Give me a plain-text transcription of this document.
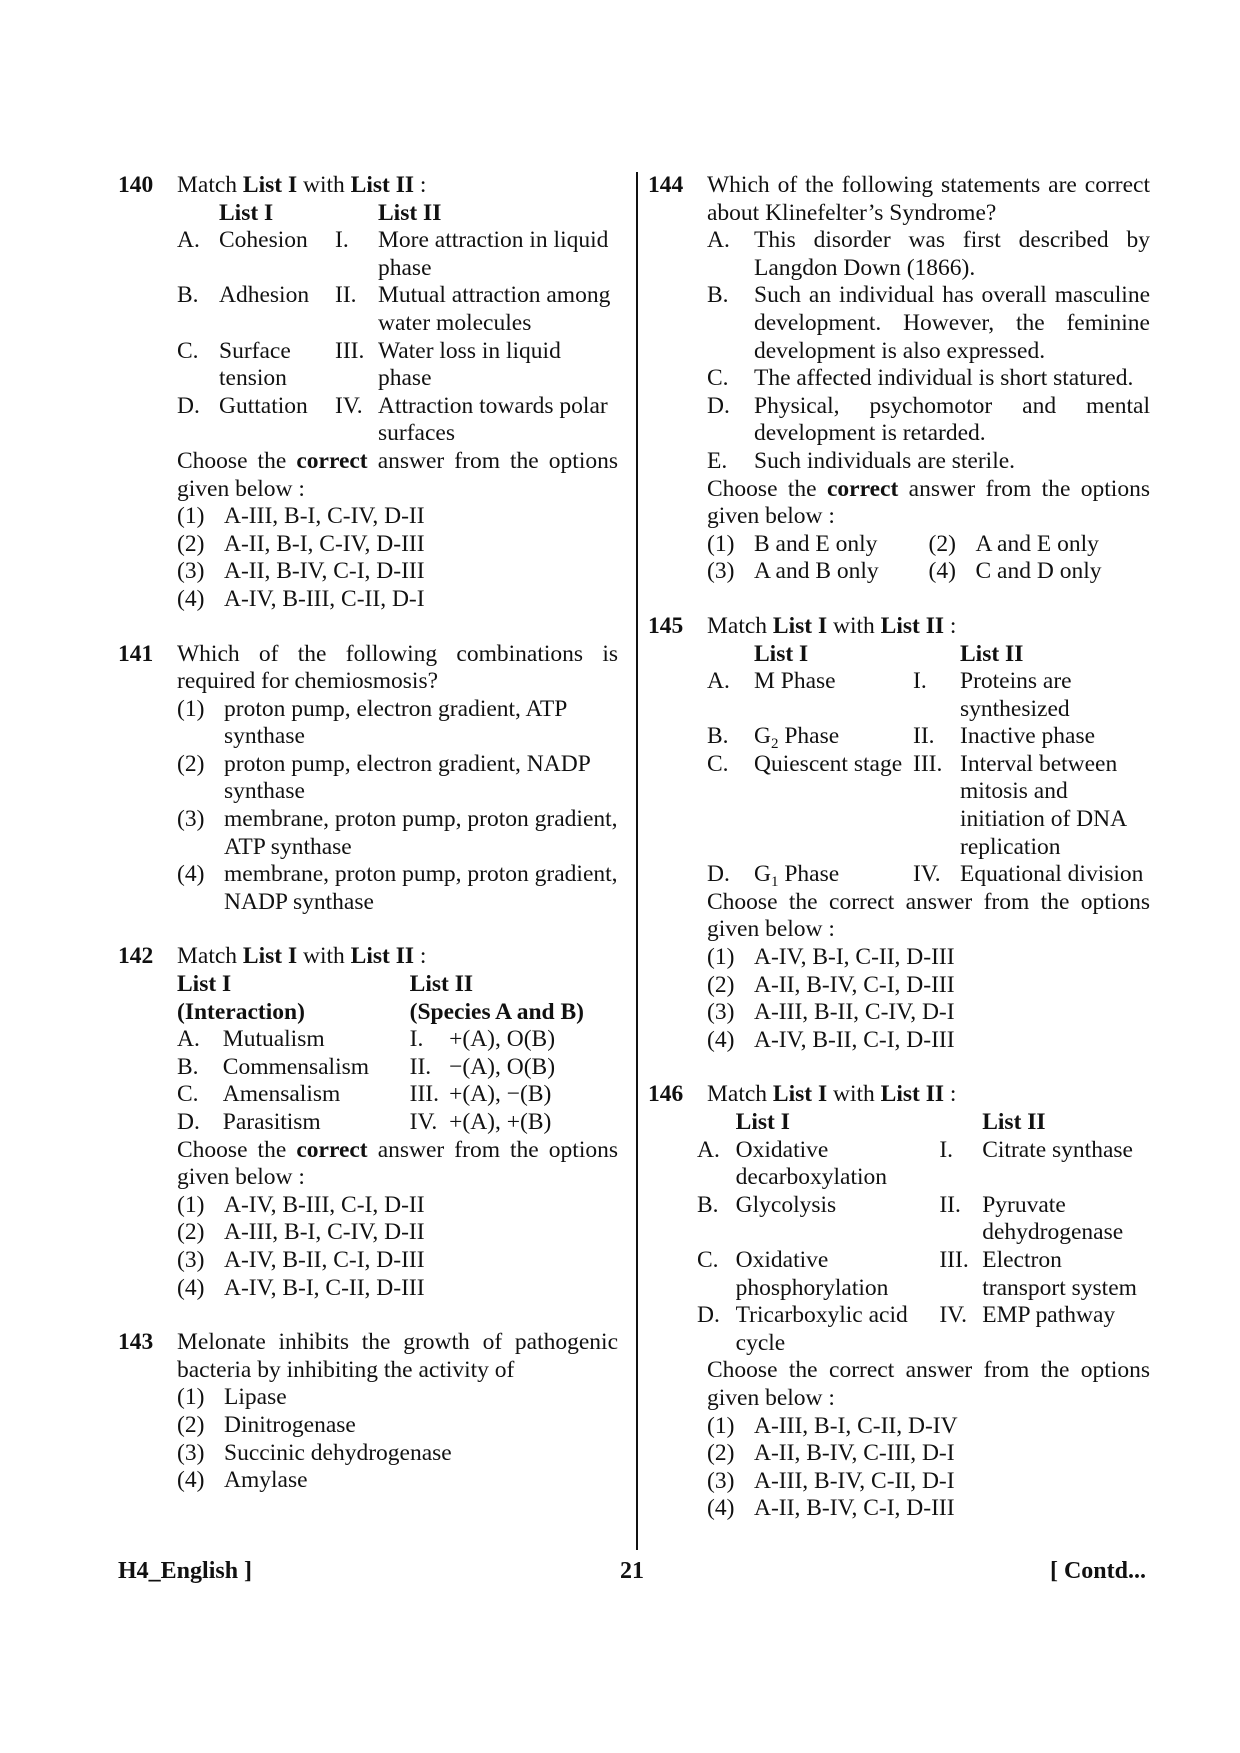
140 Match List I with List II :
	List I		List II
A.	Cohesion	I.	More attraction in liquid phase
B.	Adhesion	II.	Mutual attraction among water molecules
C.	Surface tension	III.	Water loss in liquid phase
D.	Guttation	IV.	Attraction towards polar surfaces
Choose the correct answer from the options given below :
(1) A-III, B-I, C-IV, D-II
(2) A-II, B-I, C-IV, D-III
(3) A-II, B-IV, C-I, D-III
(4) A-IV, B-III, C-II, D-I
141 Which of the following combinations is required for chemiosmosis?
(1) proton pump, electron gradient, ATP synthase
(2) proton pump, electron gradient, NADP synthase
(3) membrane, proton pump, proton gradient, ATP synthase
(4) membrane, proton pump, proton gradient, NADP synthase
142 Match List I with List II :
List I		List II	
(Interaction)		(Species A and B)	
A.	Mutualism	I.	+(A), O(B)
B.	Commensalism	II.	−(A), O(B)
C.	Amensalism	III.	+(A), −(B)
D.	Parasitism	IV.	+(A), +(B)
Choose the correct answer from the options given below :
(1) A-IV, B-III, C-I, D-II
(2) A-III, B-I, C-IV, D-II
(3) A-IV, B-II, C-I, D-III
(4) A-IV, B-I, C-II, D-III
143 Melonate inhibits the growth of pathogenic bacteria by inhibiting the activity of
(1) Lipase
(2) Dinitrogenase
(3) Succinic dehydrogenase
(4) Amylase
144 Which of the following statements are correct about Klinefelter’s Syndrome?
A. This disorder was first described by Langdon Down (1866).
B. Such an individual has overall masculine development. However, the feminine development is also expressed.
C. The affected individual is short statured.
D. Physical, psychomotor and mental development is retarded.
E. Such individuals are sterile.
Choose the correct answer from the options given below :
(1) B and E only	(2) A and E only
(3) A and B only	(4) C and D only
145 Match List I with List II :
	List I		List II
A.	M Phase	I.	Proteins are synthesized
B.	$G_2$ Phase	II.	Inactive phase
C.	Quiescent stage	III.	Interval between mitosis and initiation of DNA replication
D.	$G_1$ Phase	IV.	Equational division
Choose the correct answer from the options given below :
(1) A-IV, B-I, C-II, D-III
(2) A-II, B-IV, C-I, D-III
(3) A-III, B-II, C-IV, D-I
(4) A-IV, B-II, C-I, D-III
146 Match List I with List II :
	List I		List II
A.	Oxidative decarboxylation	I.	Citrate synthase
B.	Glycolysis	II.	Pyruvate dehydrogenase
C.	Oxidative phosphorylation	III.	Electron transport system
D.	Tricarboxylic acid cycle	IV.	EMP pathway
Choose the correct answer from the options given below :
(1) A-III, B-I, C-II, D-IV
(2) A-II, B-IV, C-III, D-I
(3) A-III, B-IV, C-II, D-I
(4) A-II, B-IV, C-I, D-III
H4_English ]	21	[ Contd...
